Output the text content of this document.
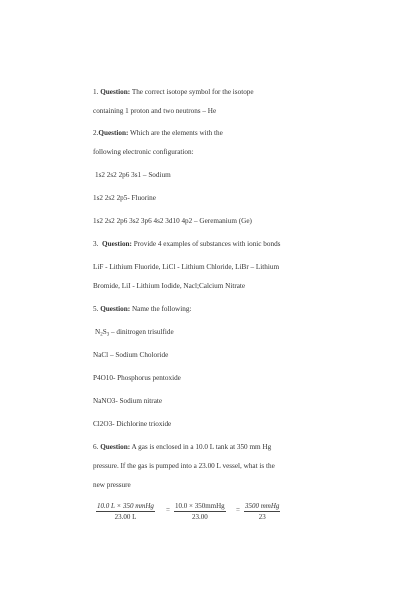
1. Question: The correct isotope symbol for the isotope
containing 1 proton and two neutrons – He
2.Question: Which are the elements with the
following electronic configuration:
1s2 2s2 2p6 3s1 – Sodium
1s2 2s2 2p5- Fluorine
1s2 2s2 2p6 3s2 3p6 4s2 3d10 4p2 – Geremanium (Ge)
3. Question: Provide 4 examples of substances with ionic bonds
LiF - Lithium Fluoride, LiCl - Lithium Chloride, LiBr – Lithium
Bromide, LiI - Lithium Iodide, Nacl;Calcium Nitrate
5. Question: Name the following:
$N_2S_3$ – dinitrogen trisulfide
NaCl – Sodium Choloride
P4O10- Phosphorus pentoxide
NaNO3- Sodium nitrate
Cl2O3- Dichlorine trioxide
6. Question: A gas is enclosed in a 10.0 L tank at 350 mm Hg
pressure. If the gas is pumped into a 23.00 L vessel, what is the
new pressure
10.0 L × 350 mmHg
23.00 L
= 10.0 × 350mmHg
23.00
= 3500 mmHg
23
